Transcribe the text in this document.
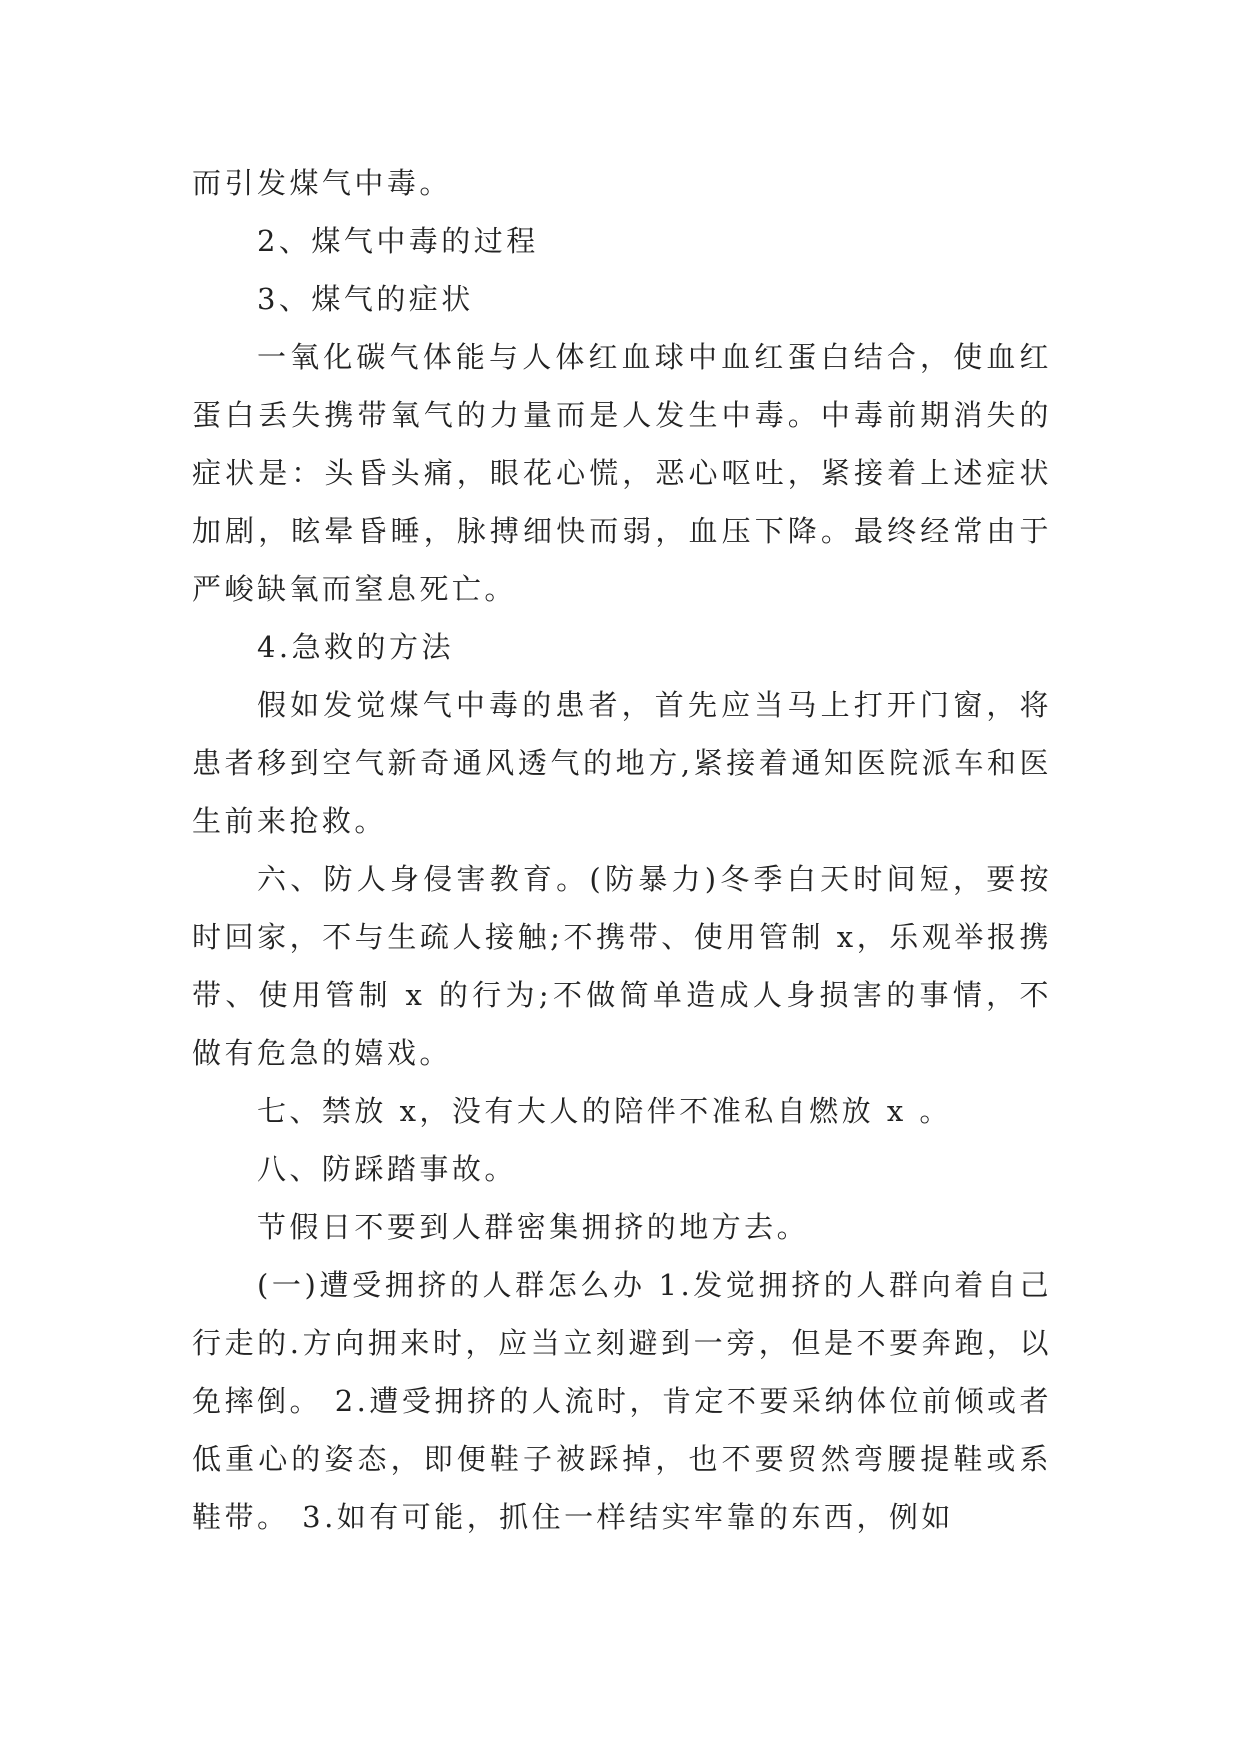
而引发煤气中毒。

2、煤气中毒的过程

3、煤气的症状

一氧化碳气体能与人体红血球中血红蛋白结合，使血红蛋白丢失携带氧气的力量而是人发生中毒。中毒前期消失的症状是：头昏头痛，眼花心慌，恶心呕吐，紧接着上述症状加剧，眩晕昏睡，脉搏细快而弱，血压下降。最终经常由于严峻缺氧而窒息死亡。

4.急救的方法

假如发觉煤气中毒的患者，首先应当马上打开门窗，将患者移到空气新奇通风透气的地方,紧接着通知医院派车和医生前来抢救。

六、防人身侵害教育。(防暴力)冬季白天时间短，要按时回家，不与生疏人接触;不携带、使用管制 x，乐观举报携带、使用管制 x 的行为;不做简单造成人身损害的事情，不做有危急的嬉戏。

七、禁放 x，没有大人的陪伴不准私自燃放 x 。

八、防踩踏事故。

节假日不要到人群密集拥挤的地方去。

(一)遭受拥挤的人群怎么办 1.发觉拥挤的人群向着自己行走的.方向拥来时，应当立刻避到一旁，但是不要奔跑，以免摔倒。 2.遭受拥挤的人流时，肯定不要采纳体位前倾或者低重心的姿态，即便鞋子被踩掉，也不要贸然弯腰提鞋或系鞋带。 3.如有可能，抓住一样结实牢靠的东西，例如
